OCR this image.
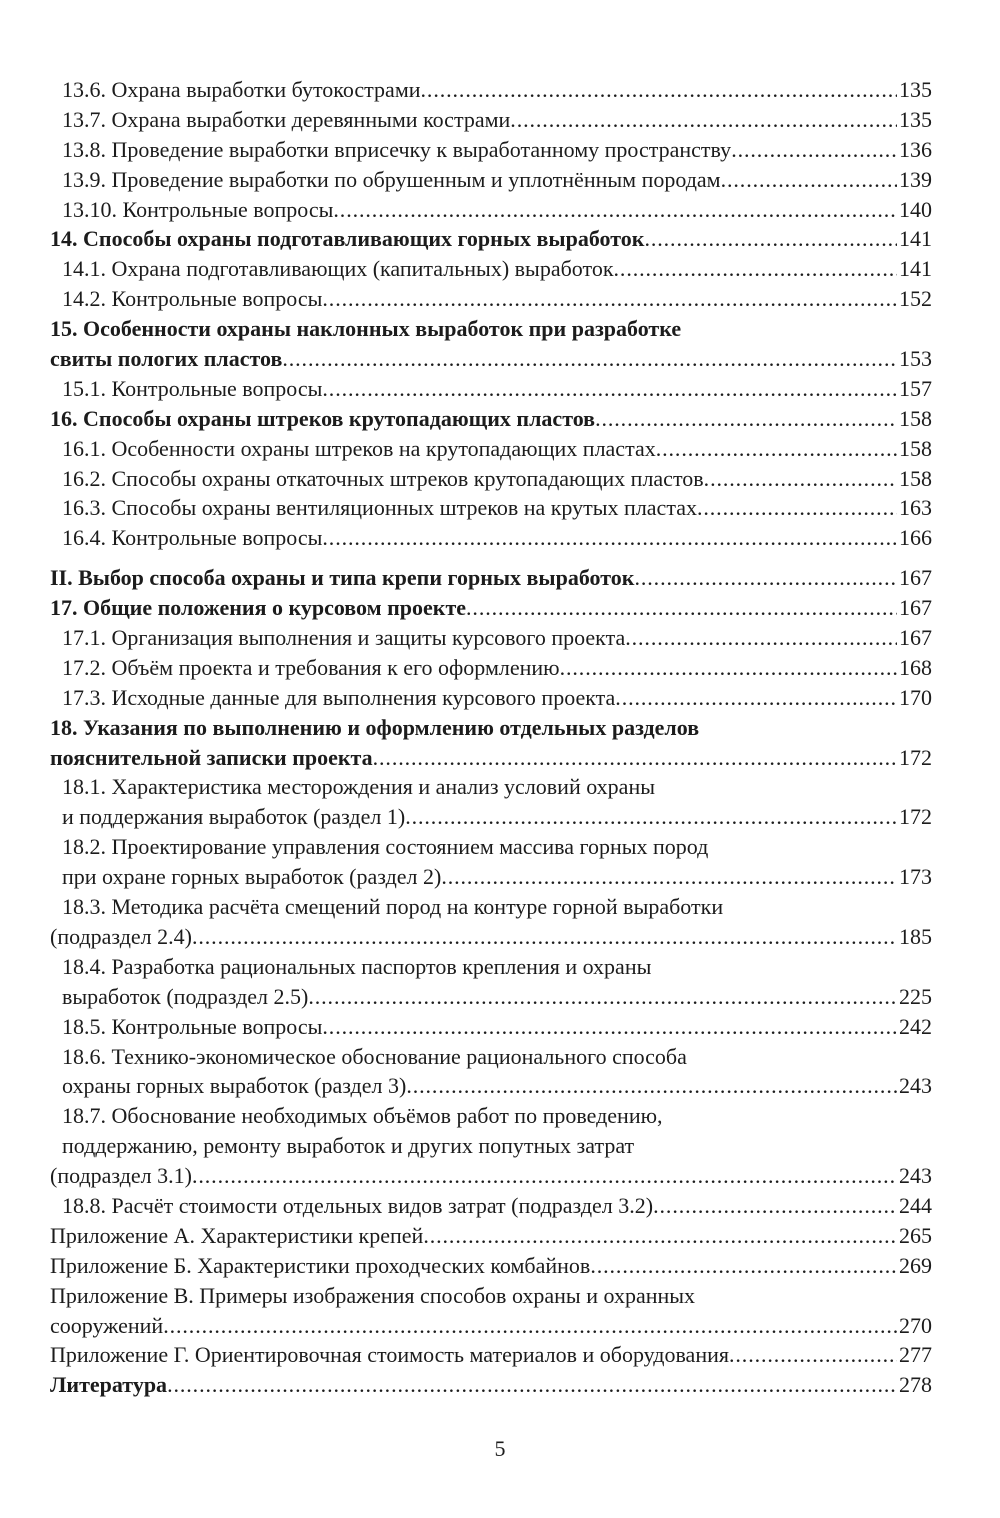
13.6. Охрана выработки бутокострами . . .	135
13.7. Охрана выработки деревянными кострами . . .	135
13.8. Проведение выработки вприсечку к выработанному пространству . . .	136
13.9. Проведение выработки по обрушенным и уплотнённым породам . . .	139
13.10. Контрольные вопросы . . .	140
14. Способы охраны подготавливающих горных выработок . . .	141
14.1. Охрана подготавливающих (капитальных) выработок . . .	141
14.2. Контрольные вопросы . . .	152
15. Особенности охраны наклонных выработок при разработке
свиты пологих пластов . . .	153
15.1. Контрольные вопросы . . .	157
16. Способы охраны штреков крутопадающих пластов . . .	158
16.1. Особенности охраны штреков на крутопадающих пластах . . .	158
16.2. Способы охраны откаточных штреков крутопадающих пластов . . .	158
16.3. Способы охраны вентиляционных штреков на крутых пластах . . .	163
16.4. Контрольные вопросы . . .	166
II. Выбор способа охраны и типа крепи горных выработок . . .	167
17. Общие положения о курсовом проекте . . .	167
17.1. Организация выполнения и защиты курсового проекта . . .	167
17.2. Объём проекта и требования к его оформлению . . .	168
17.3. Исходные данные для выполнения курсового проекта . . .	170
18. Указания по выполнению и оформлению отдельных разделов
пояснительной записки проекта . . .	172
18.1. Характеристика месторождения и анализ условий охраны
и поддержания выработок (раздел 1) . . .	172
18.2. Проектирование управления состоянием массива горных пород
при охране горных выработок (раздел 2) . . .	173
18.3. Методика расчёта смещений пород на контуре горной выработки
(подраздел 2.4) . . .	185
18.4. Разработка рациональных паспортов крепления и охраны
выработок (подраздел 2.5) . . .	225
18.5. Контрольные вопросы . . .	242
18.6. Технико-экономическое обоснование рационального способа
охраны горных выработок (раздел 3) . . .	243
18.7. Обоснование необходимых объёмов работ по проведению,
поддержанию, ремонту выработок и других попутных затрат
(подраздел 3.1) . . .	243
18.8. Расчёт стоимости отдельных видов затрат (подраздел 3.2) . . .	244
Приложение А. Характеристики крепей . . .	265
Приложение Б. Характеристики проходческих комбайнов . . .	269
Приложение В. Примеры изображения способов охраны и охранных
сооружений . . .	270
Приложение Г. Ориентировочная стоимость материалов и оборудования . . .	277
Литература . . .	278
5
